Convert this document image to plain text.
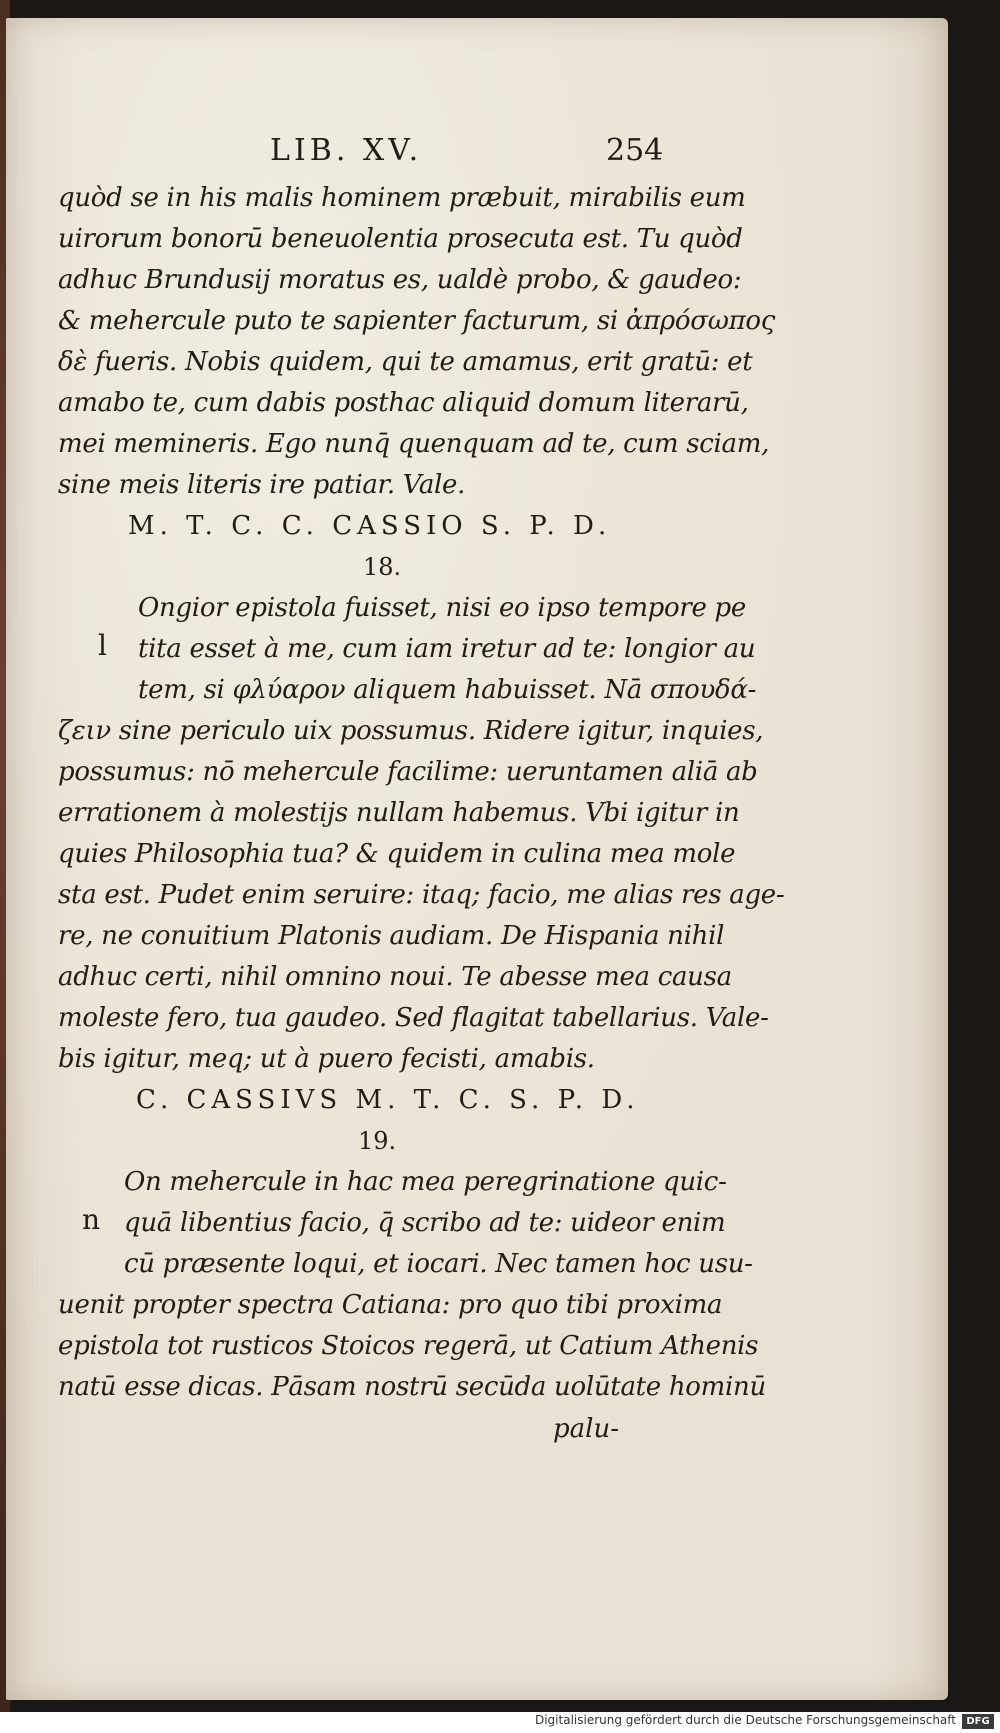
LIB. XV.	254
quòd se in his malis hominem præbuit, mirabilis eum
uirorum bonorū beneuolentia prosecuta est. Tu quòd
adhuc Brundusij moratus es, ualdè probo, & gaudeo:
& mehercule puto te sapienter facturum, si ἀπρόσωπος
δὲ fueris. Nobis quidem, qui te amamus, erit gratū: et
amabo te, cum dabis posthac aliquid domum literarū,
mei memineris. Ego nunq̄ quenquam ad te, cum sciam,
sine meis literis ire patiar. Vale.
M. T. C. C. CASSIO S. P. D.
18.
l
Ongior epistola fuisset, nisi eo ipso tempore pe
tita esset à me, cum iam iretur ad te: longior au
tem, si φλύαρον aliquem habuisset. Nā σπουδά-
ζειν sine periculo uix possumus. Ridere igitur, inquies,
possumus: nō mehercule facilime: ueruntamen aliā ab
errationem à molestijs nullam habemus. Vbi igitur in
quies Philosophia tua? & quidem in culina mea mole
sta est. Pudet enim seruire: itaq; facio, me alias res age-
re, ne conuitium Platonis audiam. De Hispania nihil
adhuc certi, nihil omnino noui. Te abesse mea causa
moleste fero, tua gaudeo. Sed flagitat tabellarius. Vale-
bis igitur, meq; ut à puero fecisti, amabis.
C. CASSIVS M. T. C. S. P. D.
19.
n
On mehercule in hac mea peregrinatione quic-
quā libentius facio, q̄ scribo ad te: uideor enim
cū præsente loqui, et iocari. Nec tamen hoc usu-
uenit propter spectra Catiana: pro quo tibi proxima
epistola tot rusticos Stoicos regerā, ut Catium Athenis
natū esse dicas. Pāsam nostrū secūda uolūtate hominū
palu-
Digitalisierung gefördert durch die Deutsche Forschungsgemeinschaft	DFG
